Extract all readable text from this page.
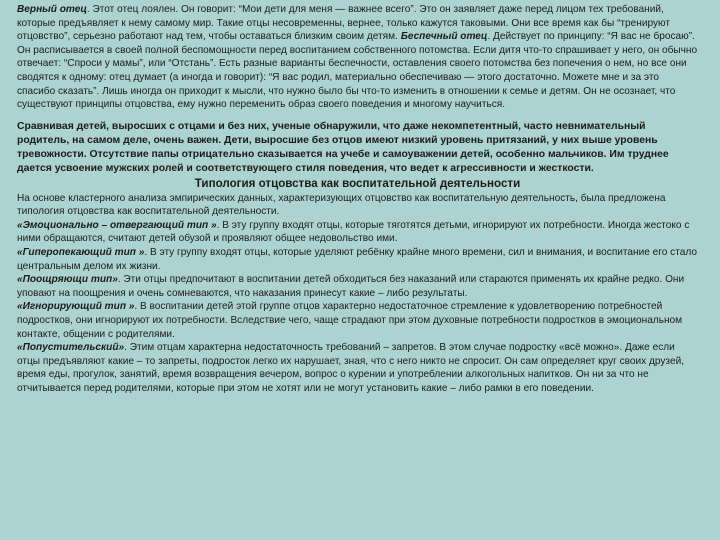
Верный отец. Этот отец лоялен. Он говорит: “Мои дети для меня — важнее всего”. Это он заявляет даже перед лицом тех требований, которые предъявляет к нему самому мир. Такие отцы несовременны, вернее, только кажутся таковыми. Они все время как бы “тренируют отцовство”, серьезно работают над тем, чтобы оставаться близким своим детям. Беспечный отец. Действует по принципу: “Я вас не бросаю”. Он расписывается в своей полной беспомощности перед воспитанием собственного потомства. Если дитя что-то спрашивает у него, он обычно отвечает: “Спроси у мамы”, или “Отстань”. Есть разные варианты беспечности, оставления своего потомства без попечения о нем, но все они сводятся к одному: отец думает (а иногда и говорит): “Я вас родил, материально обеспечиваю — этого достаточно. Можете мне и за это спасибо сказать”. Лишь иногда он приходит к мысли, что нужно было бы что-то изменить в отношении к семье и детям. Он не осознает, что существуют принципы отцовства, ему нужно переменить образ своего поведения и многому научиться.

Сравнивая детей, выросших с отцами и без них, ученые обнаружили, что даже некомпетентный, часто невнимательный родитель, на самом деле, очень важен. Дети, выросшие без отцов имеют низкий уровень притязаний, у них выше уровень тревожности. Отсутствие папы отрицательно сказывается на учебе и самоуважении детей, особенно мальчиков. Им труднее дается усвоение мужских ролей и соответствующего стиля поведения, что ведет к агрессивности и жесткости.

Типология отцовства как воспитательной деятельности

На основе кластерного анализа эмпирических данных, характеризующих отцовство как воспитательную деятельность, была предложена типология отцовства как воспитательной деятельности.

«Эмоционально – отвергающий тип ». В эту группу входят отцы, которые тяготятся детьми, игнорируют их потребности. Иногда жестоко с ними обращаются, считают детей обузой и проявляют общее недовольство ими.

«Гиперопекающий тип ». В эту группу входят отцы, которые уделяют ребёнку крайне много времени, сил и внимания, и воспитание его стало центральным делом их жизни.

«Поощряющи тип». Эти отцы предпочитают в воспитании детей обходиться без наказаний или стараются применять их крайне редко. Они уповают на поощрения и очень сомневаются, что наказания принесут какие – либо результаты.

«Игнорирующий тип ». В воспитании детей этой группе отцов характерно недостаточное стремление к удовлетворению потребностей подростков, они игнорируют их потребности. Вследствие чего, чаще страдают при этом духовные потребности подростков в эмоциональном контакте, общении с родителями.

«Попустительский». Этим отцам характерна недостаточность требований – запретов. В этом случае подростку «всё можно». Даже если отцы предъявляют какие – то запреты, подросток легко их нарушает, зная, что с него никто не спросит. Он сам определяет круг своих друзей, время еды, прогулок, занятий, время возвращения вечером, вопрос о курении и употреблении алкогольных напитков. Он ни за что не отчитывается перед родителями, которые при этом не хотят или не могут установить какие – либо рамки в его поведении.
